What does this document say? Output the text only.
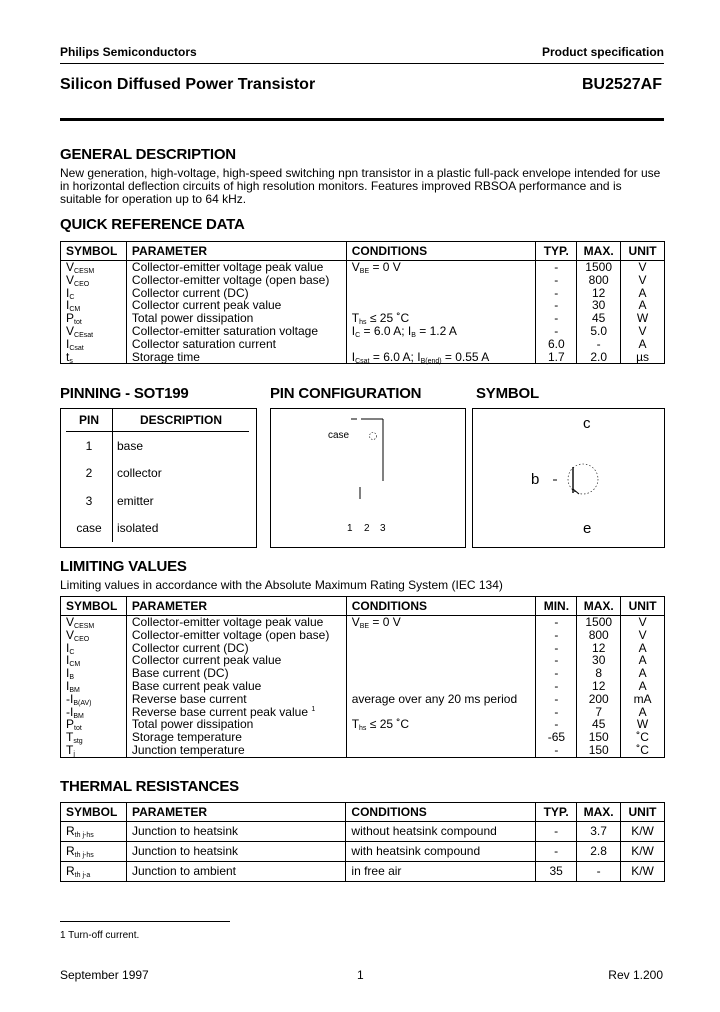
Philips Semiconductors	Product specification
Silicon Diffused Power Transistor	BU2527AF
GENERAL DESCRIPTION
New generation, high-voltage, high-speed switching npn transistor in a plastic full-pack envelope intended for use in horizontal deflection circuits of high resolution monitors. Features improved RBSOA performance and is suitable for operation up to 64 kHz.
QUICK REFERENCE DATA
SYMBOL	PARAMETER	CONDITIONS	TYP.	MAX.	UNIT
$V_{CESM}$	Collector-emitter voltage peak value	$V_{BE} = 0$ V	-	1500	V
$V_{CEO}$	Collector-emitter voltage (open base)		-	800	V
$I_C$	Collector current (DC)		-	12	A
$I_{CM}$	Collector current peak value		-	30	A
$P_{tot}$	Total power dissipation	$T_{hs} \le 25$ ˚C	-	45	W
$V_{CEsat}$	Collector-emitter saturation voltage	$I_C = 6.0$ A; $I_B = 1.2$ A	-	5.0	V
$I_{Csat}$	Collector saturation current		6.0	-	A
$t_s$	Storage time	$I_{Csat} = 6.0$ A; $I_{B(end)} = 0.55$ A	1.7	2.0	µs
PINNING - SOT199
PIN	DESCRIPTION
1	base
2	collector
3	emitter
case	isolated
PIN CONFIGURATION
case
1 2 3
SYMBOL
c
b
e
LIMITING VALUES
Limiting values in accordance with the Absolute Maximum Rating System (IEC 134)
SYMBOL	PARAMETER	CONDITIONS	MIN.	MAX.	UNIT
$V_{CESM}$	Collector-emitter voltage peak value	$V_{BE} = 0$ V	-	1500	V
$V_{CEO}$	Collector-emitter voltage (open base)		-	800	V
$I_C$	Collector current (DC)		-	12	A
$I_{CM}$	Collector current peak value		-	30	A
$I_B$	Base current (DC)		-	8	A
$I_{BM}$	Base current peak value		-	12	A
$-I_{B(AV)}$	Reverse base current	average over any 20 ms period	-	200	mA
$-I_{BM}$	Reverse base current peak value $^1$		-	7	A
$P_{tot}$	Total power dissipation	$T_{hs} \le 25$ ˚C	-	45	W
$T_{stg}$	Storage temperature		-65	150	˚C
$T_j$	Junction temperature		-	150	˚C
THERMAL RESISTANCES
SYMBOL	PARAMETER	CONDITIONS	TYP.	MAX.	UNIT
$R_{th j-hs}$	Junction to heatsink	without heatsink compound	-	3.7	K/W
$R_{th j-hs}$	Junction to heatsink	with heatsink compound	-	2.8	K/W
$R_{th j-a}$	Junction to ambient	in free air	35	-	K/W
1 Turn-off current.
September 1997	1	Rev 1.200
